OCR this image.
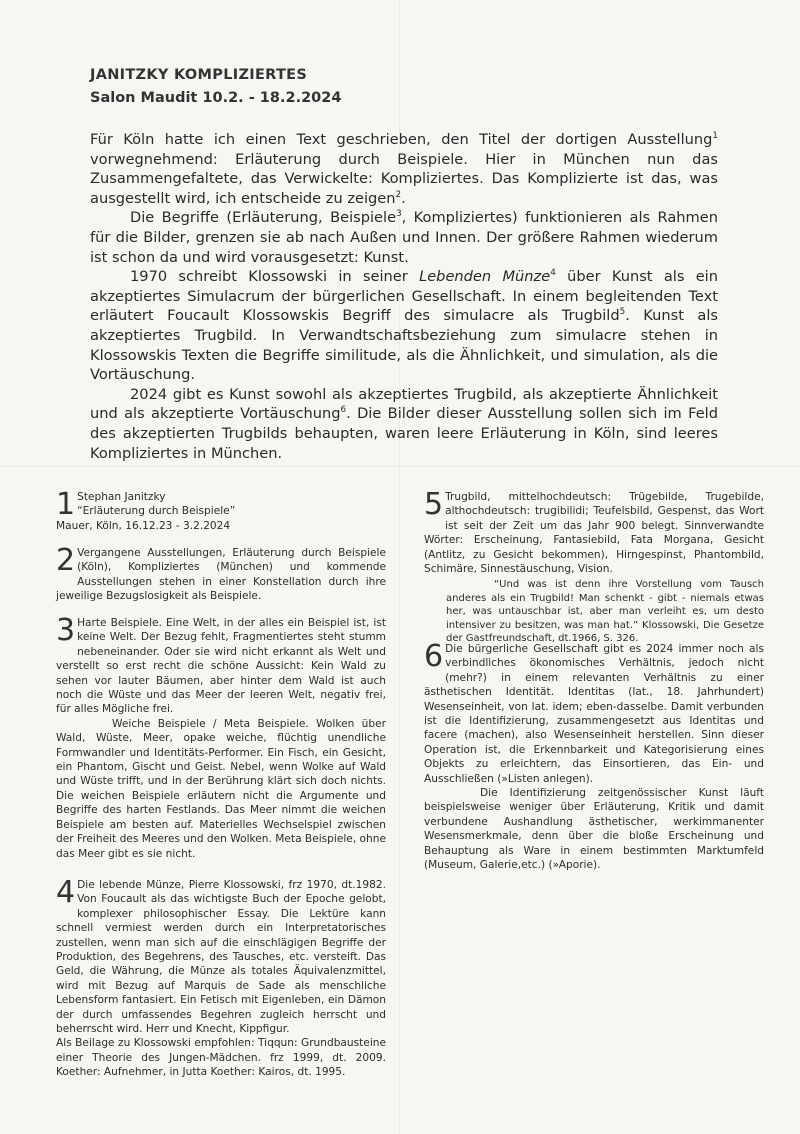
JANITZKY KOMPLIZIERTES

Salon Maudit 10.2. - 18.2.2024

Für Köln hatte ich einen Text geschrieben, den Titel der dortigen Ausstellung$^1$ vorwegnehmend: Erläuterung durch Beispiele. Hier in München nun das Zusammengefaltete, das Verwickelte: Kompliziertes. Das Komplizierte ist das, was ausgestellt wird, ich entscheide zu zeigen$^2$.

Die Begriffe (Erläuterung, Beispiele$^3$, Kompliziertes) funktionieren als Rahmen für die Bilder, grenzen sie ab nach Außen und Innen. Der größere Rahmen wiederum ist schon da und wird vorausgesetzt: Kunst.

1970 schreibt Klossowski in seiner Lebenden Münze$^4$ über Kunst als ein akzeptiertes Simulacrum der bürgerlichen Gesellschaft. In einem begleitenden Text erläutert Foucault Klossowskis Begriff des simulacre als Trugbild$^5$. Kunst als akzeptiertes Trugbild. In Verwandtschaftsbeziehung zum simulacre stehen in Klossowskis Texten die Begriffe similitude, als die Ähnlichkeit, und simulation, als die Vortäuschung.

2024 gibt es Kunst sowohl als akzeptiertes Trugbild, als akzeptierte Ähnlichkeit und als akzeptierte Vortäuschung$^6$. Die Bilder dieser Ausstellung sollen sich im Feld des akzeptierten Trugbilds behaupten, waren leere Erläuterung in Köln, sind leeres Kompliziertes in München.

1 Stephan Janitzky

“Erläuterung durch Beispiele”

Mauer, Köln, 16.12.23 - 3.2.2024

2 Vergangene Ausstellungen, Erläuterung durch Beispiele (Köln), Kompliziertes (München) und kommende Ausstellungen stehen in einer Konstellation durch ihre jeweilige Bezugslosigkeit als Beispiele.

3 Harte Beispiele. Eine Welt, in der alles ein Beispiel ist, ist keine Welt. Der Bezug fehlt, Fragmentiertes steht stumm nebeneinander. Oder sie wird nicht erkannt als Welt und verstellt so erst recht die schöne Aussicht: Kein Wald zu sehen vor lauter Bäumen, aber hinter dem Wald ist auch noch die Wüste und das Meer der leeren Welt, negativ frei, für alles Mögliche frei.

Weiche Beispiele / Meta Beispiele. Wolken über Wald, Wüste, Meer, opake weiche, flüchtig unendliche Formwandler und Identitäts-Performer. Ein Fisch, ein Gesicht, ein Phantom, Gischt und Geist. Nebel, wenn Wolke auf Wald und Wüste trifft, und in der Berührung klärt sich doch nichts. Die weichen Beispiele erläutern nicht die Argumente und Begriffe des harten Festlands. Das Meer nimmt die weichen Beispiele am besten auf. Materielles Wechselspiel zwischen der Freiheit des Meeres und den Wolken. Meta Beispiele, ohne das Meer gibt es sie nicht.

4 Die lebende Münze, Pierre Klossowski, frz 1970, dt.1982. Von Foucault als das wichtigste Buch der Epoche gelobt, komplexer philosophischer Essay. Die Lektüre kann schnell vermiest werden durch ein Interpretatorisches zustellen, wenn man sich auf die einschlägigen Begriffe der Produktion, des Begehrens, des Tausches, etc. versteift. Das Geld, die Währung, die Münze als totales Äquivalenzmittel, wird mit Bezug auf Marquis de Sade als menschliche Lebensform fantasiert. Ein Fetisch mit Eigenleben, ein Dämon der durch umfassendes Begehren zugleich herrscht und beherrscht wird. Herr und Knecht, Kippfigur.

Als Beilage zu Klossowski empfohlen: Tiqqun: Grundbausteine einer Theorie des Jungen-Mädchen. frz 1999, dt. 2009. Koether: Aufnehmer, in Jutta Koether: Kairos, dt. 1995.

5 Trugbild, mittelhochdeutsch: Trügebilde, Trugebilde, althochdeutsch: trugibilidi; Teufelsbild, Gespenst, das Wort ist seit der Zeit um das Jahr 900 belegt. Sinnverwandte Wörter: Erscheinung, Fantasiebild, Fata Morgana, Gesicht (Antlitz, zu Gesicht bekommen), Hirngespinst, Phantombild, Schimäre, Sinnestäuschung, Vision.

“Und was ist denn ihre Vorstellung vom Tausch anderes als ein Trugbild! Man schenkt - gibt - niemals etwas her, was untauschbar ist, aber man verleiht es, um desto intensiver zu besitzen, was man hat.” Klossowski, Die Gesetze der Gastfreundschaft, dt.1966, S. 326.

6 Die bürgerliche Gesellschaft gibt es 2024 immer noch als verbindliches ökonomisches Verhältnis, jedoch nicht (mehr?) in einem relevanten Verhältnis zu einer ästhetischen Identität. Identitas (lat., 18. Jahrhundert) Wesenseinheit, von lat. idem; eben-dasselbe. Damit verbunden ist die Identifizierung, zusammengesetzt aus Identitas und facere (machen), also Wesenseinheit herstellen. Sinn dieser Operation ist, die Erkennbarkeit und Kategorisierung eines Objekts zu erleichtern, das Einsortieren, das Ein- und Ausschließen (»Listen anlegen).

Die Identifizierung zeitgenössischer Kunst läuft beispielsweise weniger über Erläuterung, Kritik und damit verbundene Aushandlung ästhetischer, werkimmanenter Wesensmerkmale, denn über die bloße Erscheinung und Behauptung als Ware in einem bestimmten Marktumfeld (Museum, Galerie,etc.) (»Aporie).
